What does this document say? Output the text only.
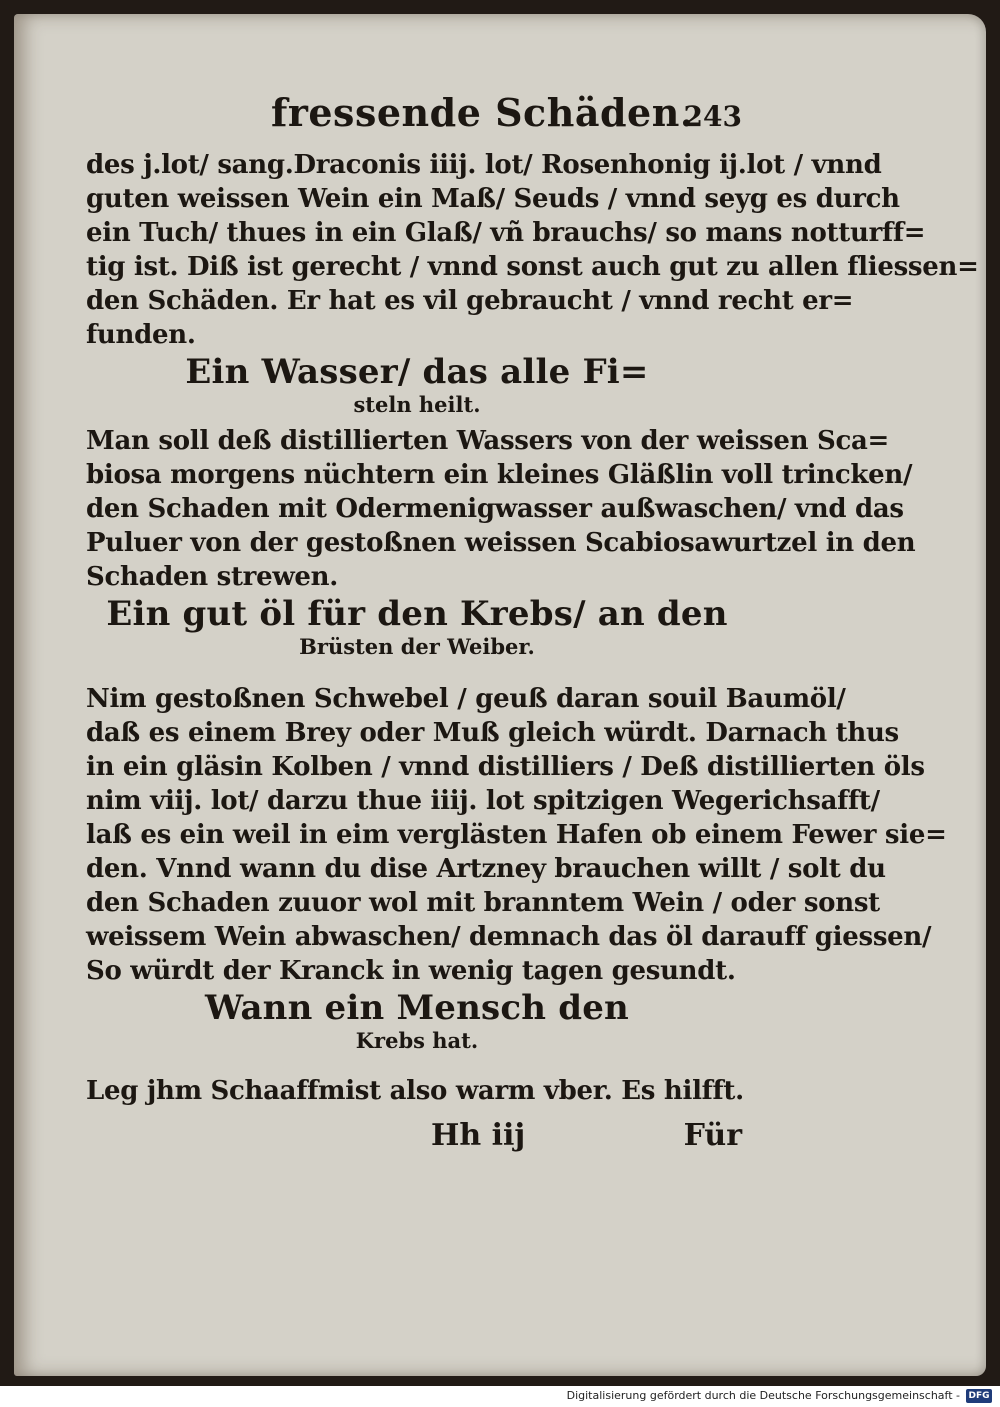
fressende Schäden.
243

des j.lot/ sang.Draconis iiij. lot/ Rosenhonig ij.lot / vnnd
guten weissen Wein ein Maß/ Seuds / vnnd seyg es durch
ein Tuch/ thues in ein Glaß/ vñ brauchs/ so mans notturff=
tig ist. Diß ist gerecht / vnnd sonst auch gut zu allen fliessen=
den Schäden. Er hat es vil gebraucht / vnnd recht er=
funden.

Ein Wasser/ das alle Fi=
steln heilt.

Man soll deß distillierten Wassers von der weissen Sca=
biosa morgens nüchtern ein kleines Gläßlin voll trincken/
den Schaden mit Odermenigwasser außwaschen/ vnd das
Puluer von der gestoßnen weissen Scabiosawurtzel in den
Schaden strewen.

Ein gut öl für den Krebs/ an den
Brüsten der Weiber.

Nim gestoßnen Schwebel / geuß daran souil Baumöl/
daß es einem Brey oder Muß gleich würdt. Darnach thus
in ein gläsin Kolben / vnnd distilliers / Deß distillierten öls
nim viij. lot/ darzu thue iiij. lot spitzigen Wegerichsafft/
laß es ein weil in eim verglästen Hafen ob einem Fewer sie=
den. Vnnd wann du dise Artzney brauchen willt / solt du
den Schaden zuuor wol mit branntem Wein / oder sonst
weissem Wein abwaschen/ demnach das öl darauff giessen/
So würdt der Kranck in wenig tagen gesundt.

Wann ein Mensch den
Krebs hat.

Leg jhm Schaaffmist also warm vber. Es hilfft.

Hh iij	Für
Digitalisierung gefördert durch die Deutsche Forschungsgemeinschaft - DFG
